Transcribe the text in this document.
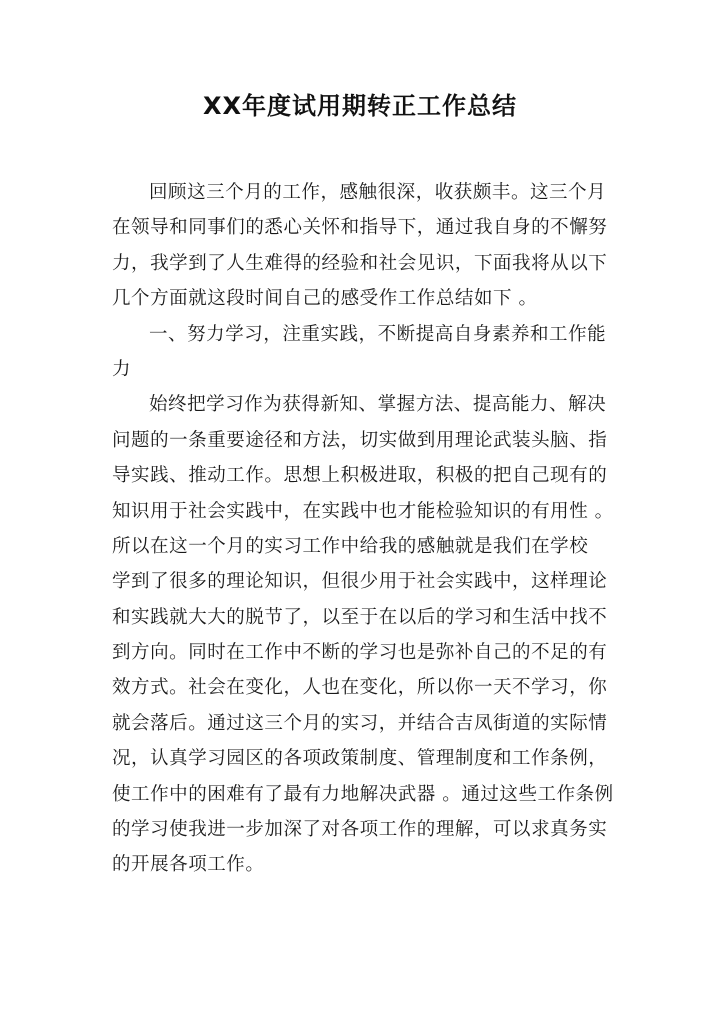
XX年度试用期转正工作总结
回顾这三个月的工作，感触很深，收获颇丰。这三个月
在领导和同事们的悉心关怀和指导下，通过我自身的不懈努
力，我学到了人生难得的经验和社会见识，下面我将从以下
几个方面就这段时间自己的感受作工作总结如下 。
一、努力学习，注重实践，不断提高自身素养和工作能
力
始终把学习作为获得新知、掌握方法、提高能力、解决
问题的一条重要途径和方法，切实做到用理论武装头脑、指
导实践、推动工作。思想上积极进取，积极的把自己现有的
知识用于社会实践中，在实践中也才能检验知识的有用性 。
所以在这一个月的实习工作中给我的感触就是我们在学校
学到了很多的理论知识，但很少用于社会实践中，这样理论
和实践就大大的脱节了，以至于在以后的学习和生活中找不
到方向。同时在工作中不断的学习也是弥补自己的不足的有
效方式。社会在变化，人也在变化，所以你一天不学习，你
就会落后。通过这三个月的实习，并结合吉凤街道的实际情
况，认真学习园区的各项政策制度、管理制度和工作条例，
使工作中的困难有了最有力地解决武器 。通过这些工作条例
的学习使我进一步加深了对各项工作的理解，可以求真务实
的开展各项工作。
